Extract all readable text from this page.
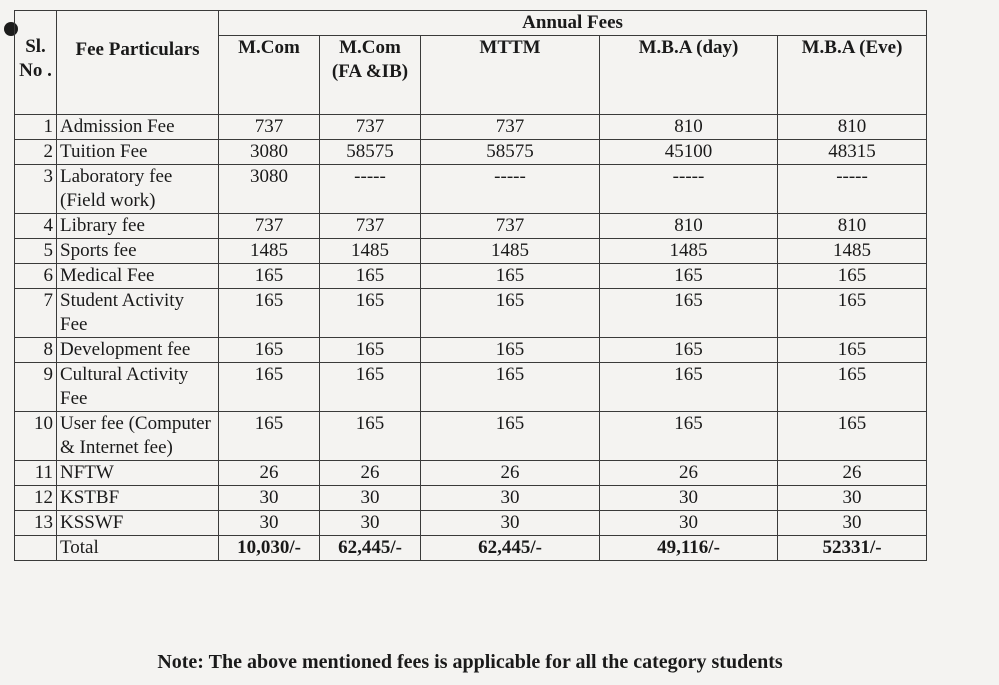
Sl. No .	Fee Particulars	Annual Fees				
		M.Com	M.Com (FA &IB)	MTTM	M.B.A (day)	M.B.A (Eve)
1	Admission Fee	737	737	737	810	810
2	Tuition Fee	3080	58575	58575	45100	48315
3	Laboratory fee (Field work)	3080	-----	-----	-----	-----
4	Library fee	737	737	737	810	810
5	Sports fee	1485	1485	1485	1485	1485
6	Medical Fee	165	165	165	165	165
7	Student Activity Fee	165	165	165	165	165
8	Development fee	165	165	165	165	165
9	Cultural Activity Fee	165	165	165	165	165
10	User fee (Computer & Internet fee)	165	165	165	165	165
11	NFTW	26	26	26	26	26
12	KSTBF	30	30	30	30	30
13	KSSWF	30	30	30	30	30
	Total	10,030/-	62,445/-	62,445/-	49,116/-	52331/-
Note: The above mentioned fees is applicable for all the category students
